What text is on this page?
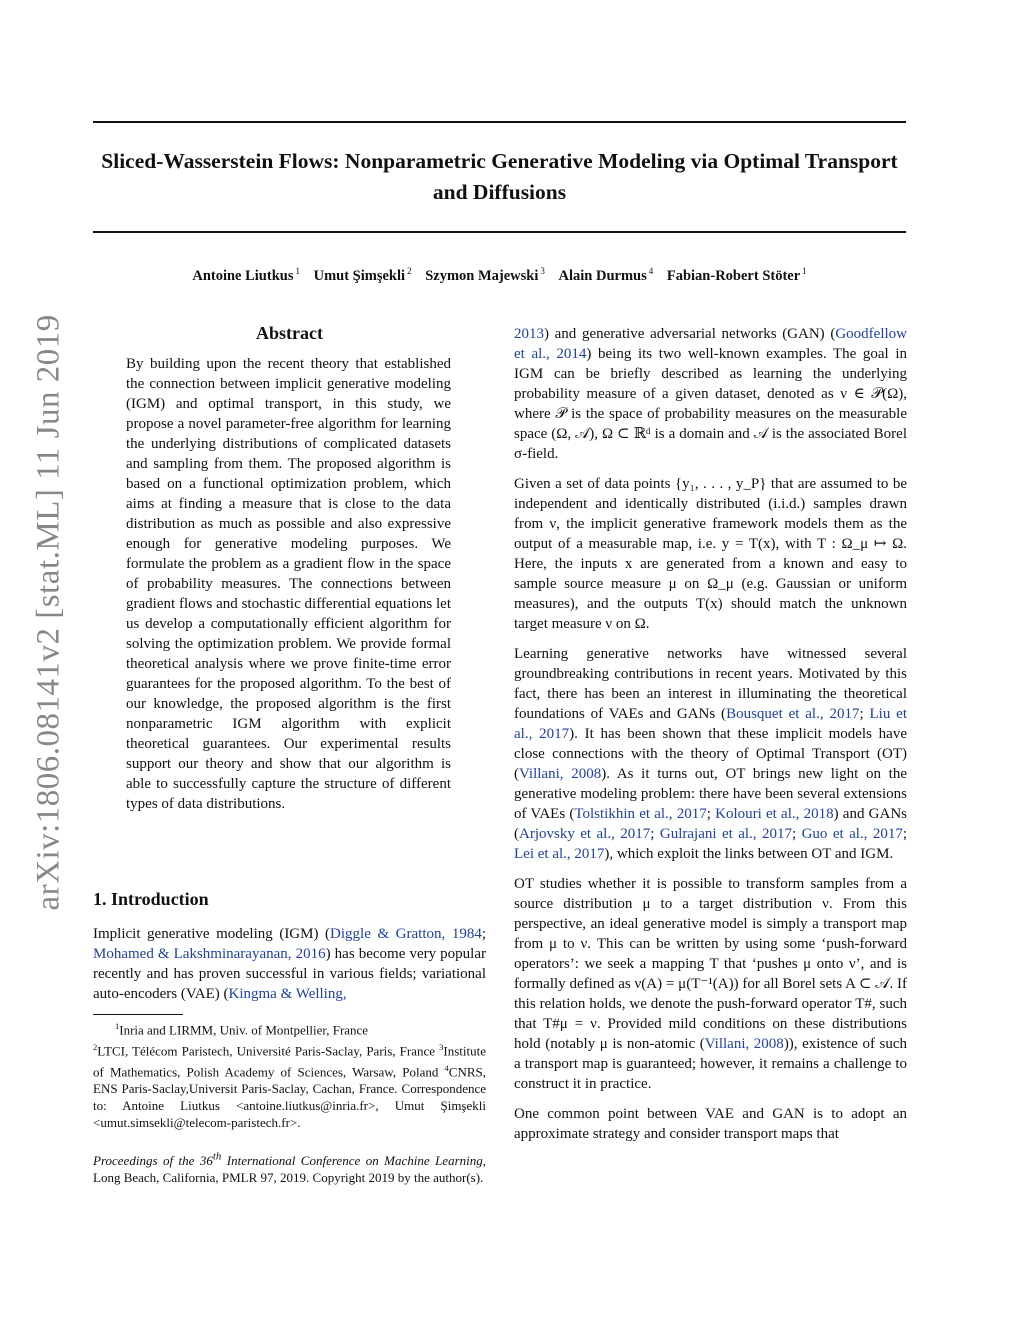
arXiv:1806.08141v2 [stat.ML] 11 Jun 2019
Sliced-Wasserstein Flows: Nonparametric Generative Modeling via Optimal Transport and Diffusions
Antoine Liutkus $^1$ Umut Şimşekli $^2$ Szymon Majewski $^3$ Alain Durmus $^4$ Fabian-Robert Stöter $^1$
Abstract
By building upon the recent theory that established the connection between implicit generative modeling (IGM) and optimal transport, in this study, we propose a novel parameter-free algorithm for learning the underlying distributions of complicated datasets and sampling from them. The proposed algorithm is based on a functional optimization problem, which aims at finding a measure that is close to the data distribution as much as possible and also expressive enough for generative modeling purposes. We formulate the problem as a gradient flow in the space of probability measures. The connections between gradient flows and stochastic differential equations let us develop a computationally efficient algorithm for solving the optimization problem. We provide formal theoretical analysis where we prove finite-time error guarantees for the proposed algorithm. To the best of our knowledge, the proposed algorithm is the first nonparametric IGM algorithm with explicit theoretical guarantees. Our experimental results support our theory and show that our algorithm is able to successfully capture the structure of different types of data distributions.
1. Introduction
Implicit generative modeling (IGM) (Diggle & Gratton, 1984; Mohamed & Lakshminarayanan, 2016) has become very popular recently and has proven successful in various fields; variational auto-encoders (VAE) (Kingma & Welling,
$^1$Inria and LIRMM, Univ. of Montpellier, France
$^2$LTCI, Télécom Paristech, Université Paris-Saclay, Paris, France $^3$Institute of Mathematics, Polish Academy of Sciences, Warsaw, Poland $^4$CNRS, ENS Paris-Saclay,Universit Paris-Saclay, Cachan, France. Correspondence to: Antoine Liutkus <antoine.liutkus@inria.fr>, Umut Şimşekli <umut.simsekli@telecom-paristech.fr>.
Proceedings of the 36th International Conference on Machine Learning, Long Beach, California, PMLR 97, 2019. Copyright 2019 by the author(s).

2013) and generative adversarial networks (GAN) (Goodfellow et al., 2014) being its two well-known examples. The goal in IGM can be briefly described as learning the underlying probability measure of a given dataset, denoted as ν ∈ 𝒫(Ω), where 𝒫 is the space of probability measures on the measurable space (Ω, 𝒜), Ω ⊂ ℝᵈ is a domain and 𝒜 is the associated Borel σ-field.

Given a set of data points {y₁, . . . , y_P} that are assumed to be independent and identically distributed (i.i.d.) samples drawn from ν, the implicit generative framework models them as the output of a measurable map, i.e. y = T(x), with T : Ω_μ ↦ Ω. Here, the inputs x are generated from a known and easy to sample source measure μ on Ω_μ (e.g. Gaussian or uniform measures), and the outputs T(x) should match the unknown target measure ν on Ω.

Learning generative networks have witnessed several groundbreaking contributions in recent years. Motivated by this fact, there has been an interest in illuminating the theoretical foundations of VAEs and GANs (Bousquet et al., 2017; Liu et al., 2017). It has been shown that these implicit models have close connections with the theory of Optimal Transport (OT) (Villani, 2008). As it turns out, OT brings new light on the generative modeling problem: there have been several extensions of VAEs (Tolstikhin et al., 2017; Kolouri et al., 2018) and GANs (Arjovsky et al., 2017; Gulrajani et al., 2017; Guo et al., 2017; Lei et al., 2017), which exploit the links between OT and IGM.

OT studies whether it is possible to transform samples from a source distribution μ to a target distribution ν. From this perspective, an ideal generative model is simply a transport map from μ to ν. This can be written by using some ‘push-forward operators’: we seek a mapping T that ‘pushes μ onto ν’, and is formally defined as ν(A) = μ(T⁻¹(A)) for all Borel sets A ⊂ 𝒜. If this relation holds, we denote the push-forward operator T#, such that T#μ = ν. Provided mild conditions on these distributions hold (notably μ is non-atomic (Villani, 2008)), existence of such a transport map is guaranteed; however, it remains a challenge to construct it in practice.

One common point between VAE and GAN is to adopt an approximate strategy and consider transport maps that
